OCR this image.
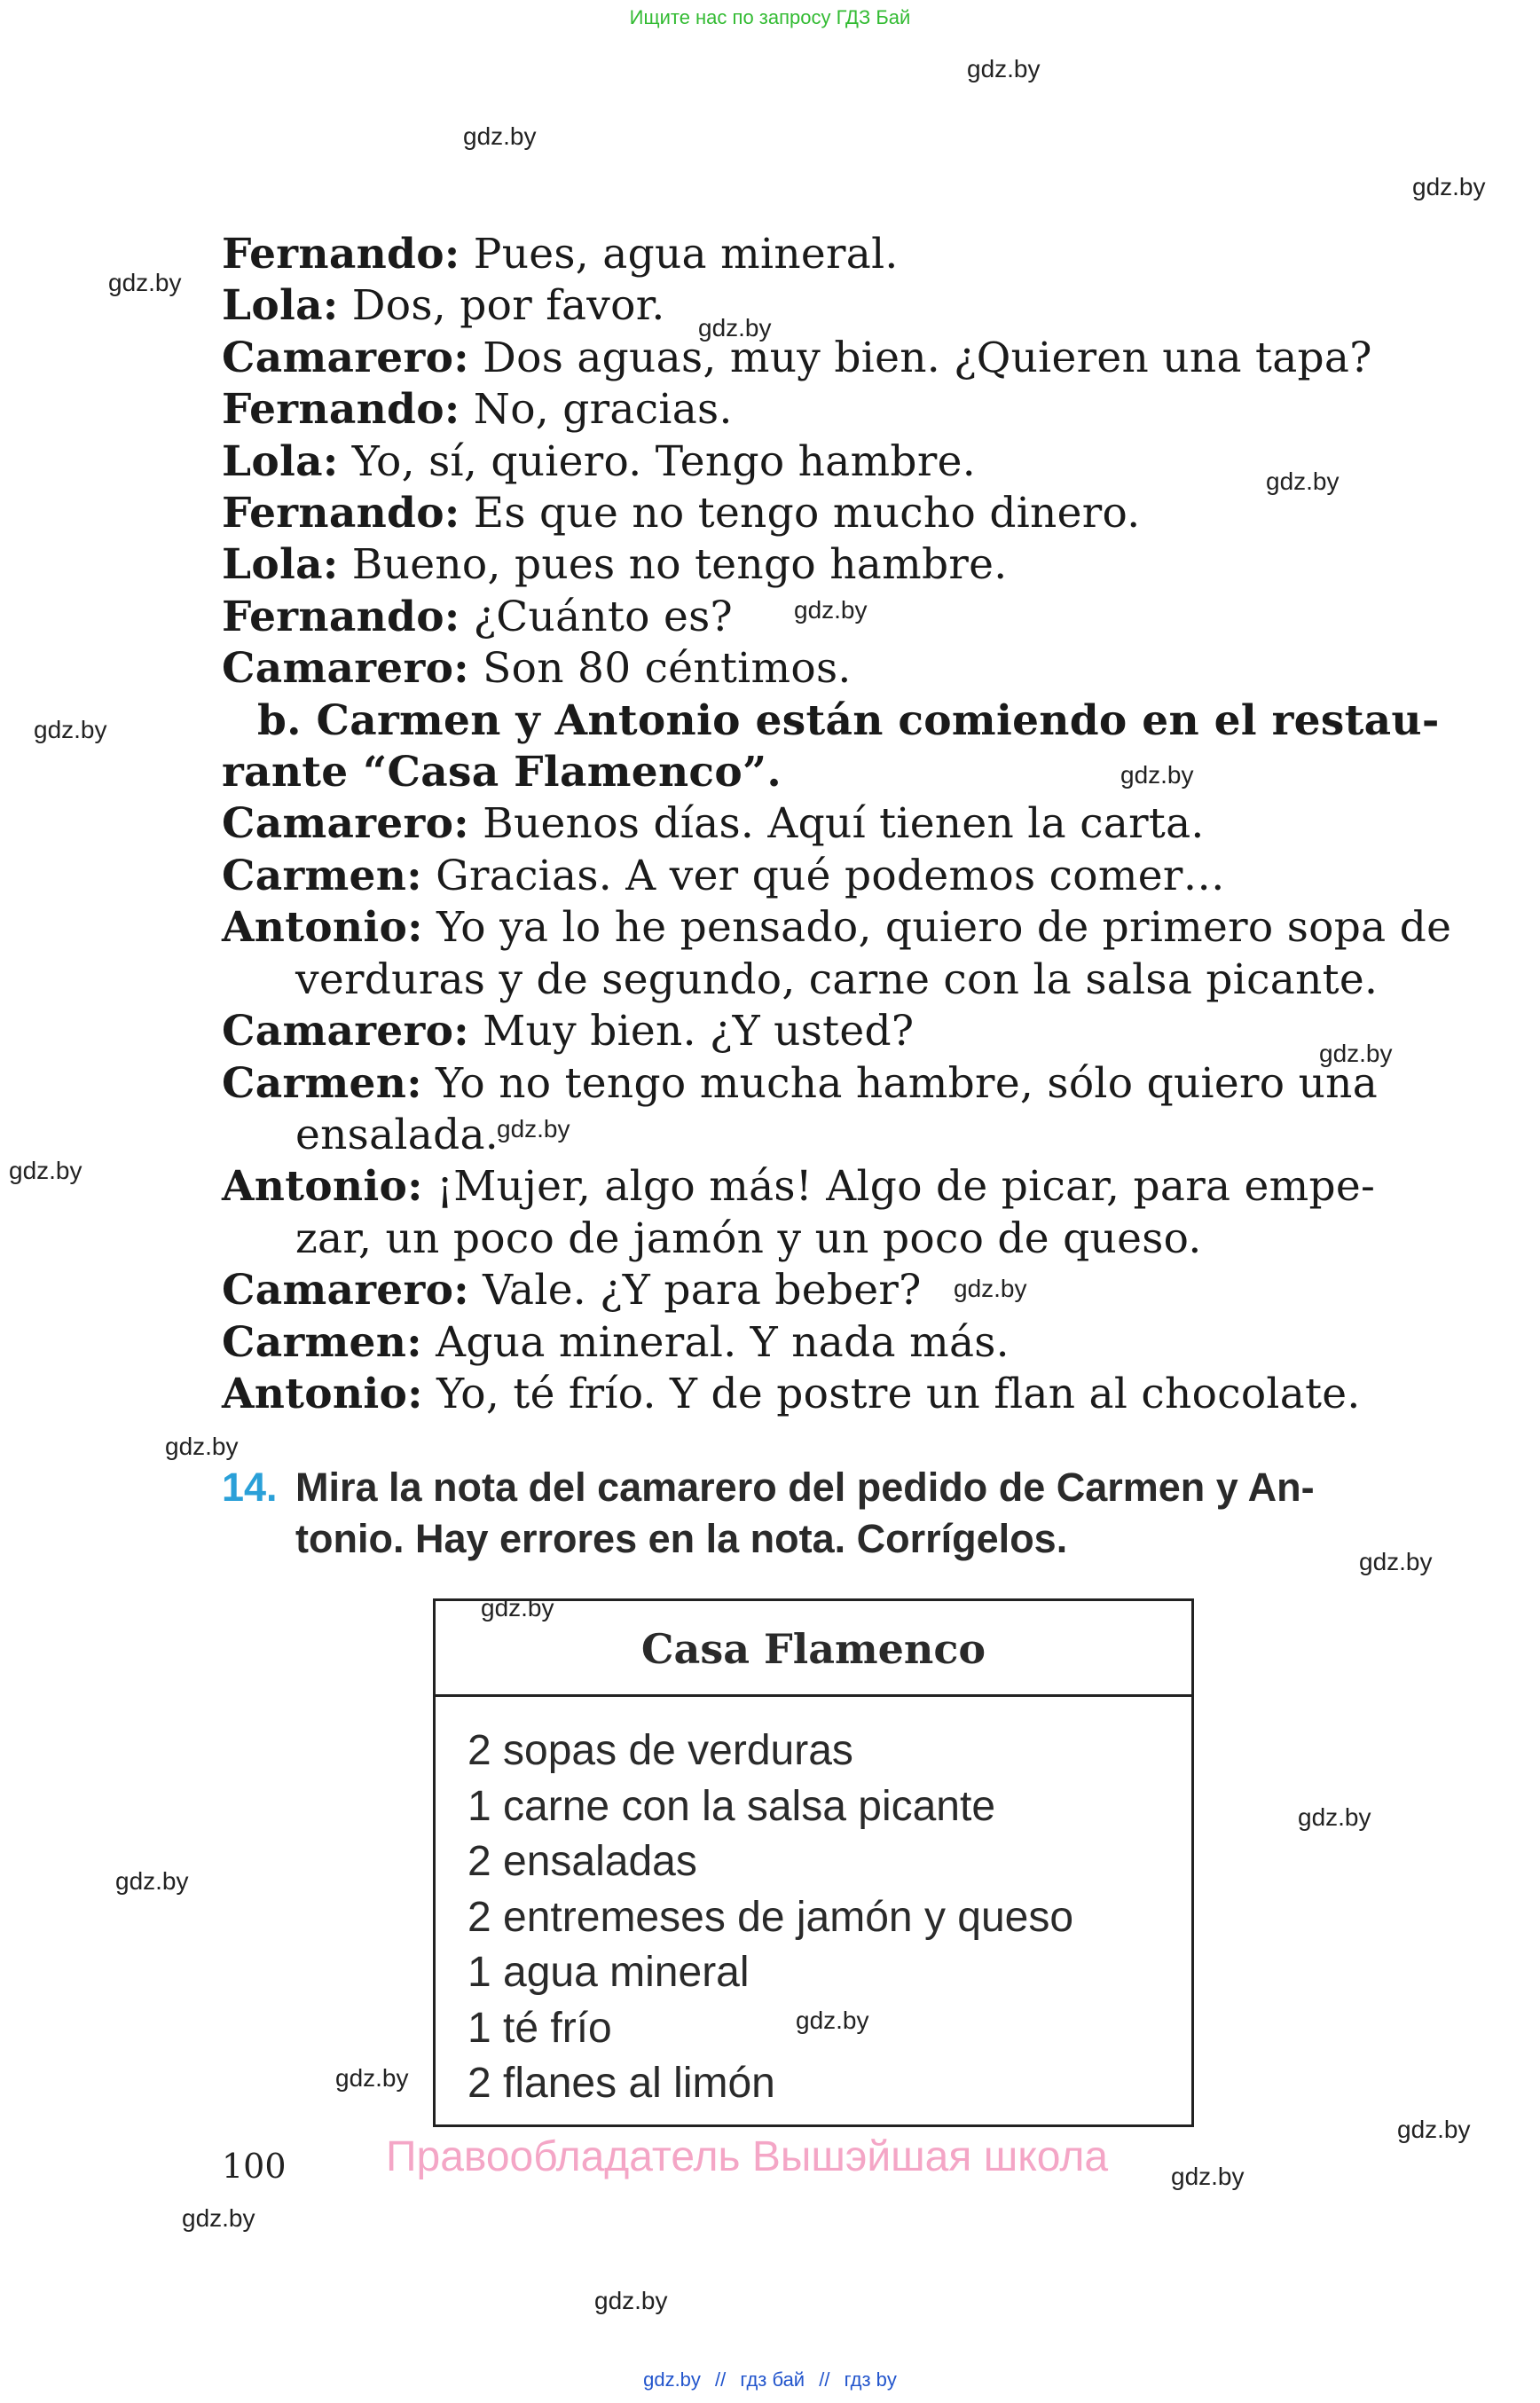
Ищите нас по запросу ГДЗ Бай
gdz.by
gdz.by
gdz.by
gdz.by
gdz.by
gdz.by
gdz.by
gdz.by
gdz.by
gdz.by
gdz.by
gdz.by
gdz.by
gdz.by
gdz.by
gdz.by
gdz.by
gdz.by
gdz.by
gdz.by
gdz.by
gdz.by
gdz.by
gdz.by
Fernando: Pues, agua mineral.
Lola: Dos, por favor.
Camarero: Dos aguas, muy bien. ¿Quieren una tapa?
Fernando: No, gracias.
Lola: Yo, sí, quiero. Tengo hambre.
Fernando: Es que no tengo mucho dinero.
Lola: Bueno, pues no tengo hambre.
Fernando: ¿Cuánto es?
Camarero: Son 80 céntimos.
b. Carmen y Antonio están comiendo en el restau-
rante “Casa Flamenco”.
Camarero: Buenos días. Aquí tienen la carta.
Carmen: Gracias. A ver qué podemos comer…
Antonio: Yo ya lo he pensado, quiero de primero sopa de
verduras y de segundo, carne con la salsa picante.
Camarero: Muy bien. ¿Y usted?
Carmen: Yo no tengo mucha hambre, sólo quiero una
ensalada.
Antonio: ¡Mujer, algo más! Algo de picar, para empe-
zar, un poco de jamón y un poco de queso.
Camarero: Vale. ¿Y para beber?
Carmen: Agua mineral. Y nada más.
Antonio: Yo, té frío. Y de postre un flan al chocolate.
14. Mira la nota del camarero del pedido de Carmen y An-
tonio. Hay errores en la nota. Corrígelos.
Casa Flamenco
2 sopas de verduras
1 carne con la salsa picante
2 ensaladas
2 entremeses de jamón y queso
1 agua mineral
1 té frío
2 flanes al limón
100 Правообладатель Вышэйшая школа
gdz.by // гдз бай // гдз by
